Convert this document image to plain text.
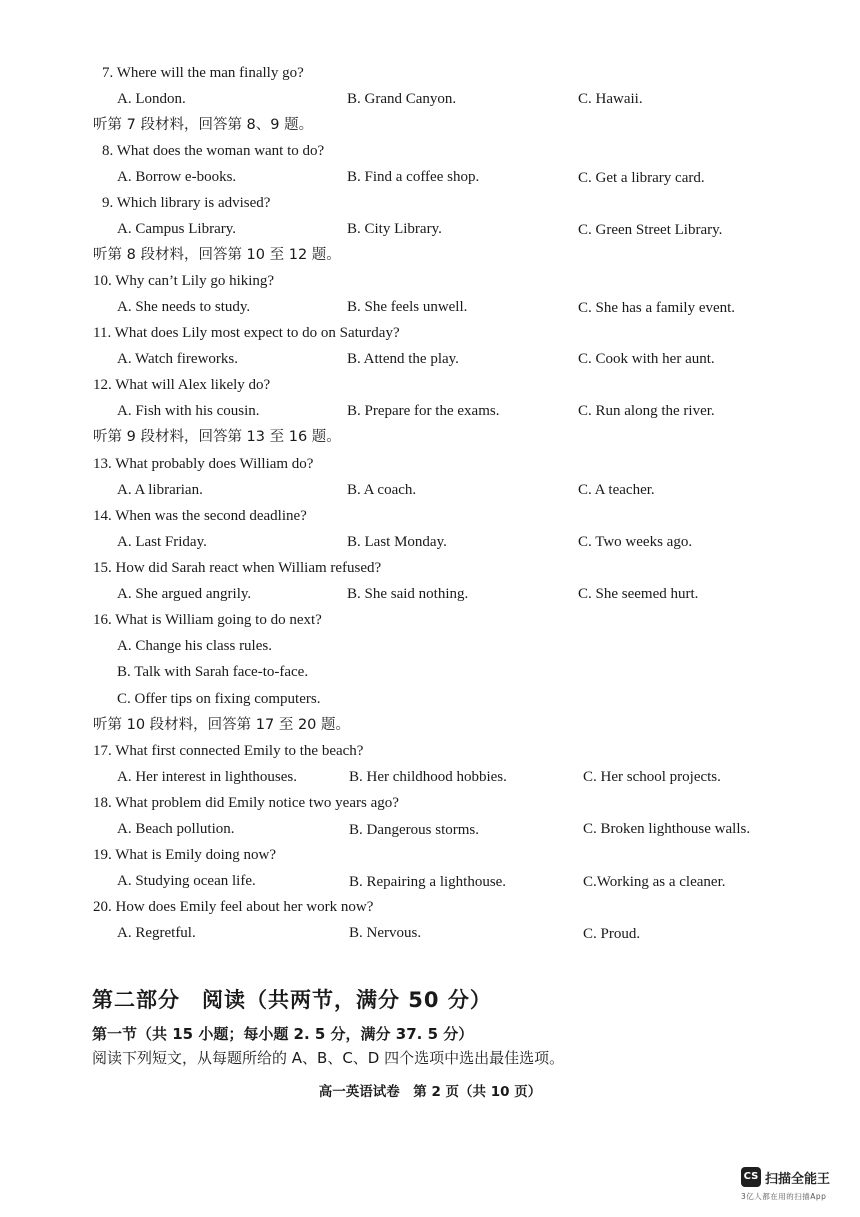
7. Where will the man finally go?
A. London.	B. Grand Canyon.	C. Hawaii.
听第 7 段材料，回答第 8、9 题。
8. What does the woman want to do?
A. Borrow e-books.	B. Find a coffee shop.	C. Get a library card.
9. Which library is advised?
A. Campus Library.	B. City Library.	C. Green Street Library.
听第 8 段材料，回答第 10 至 12 题。
10. Why can’t Lily go hiking?
A. She needs to study.	B. She feels unwell.	C. She has a family event.
11. What does Lily most expect to do on Saturday?
A. Watch fireworks.	B. Attend the play.	C. Cook with her aunt.
12. What will Alex likely do?
A. Fish with his cousin.	B. Prepare for the exams.	C. Run along the river.
听第 9 段材料，回答第 13 至 16 题。
13. What probably does William do?
A. A librarian.	B. A coach.	C. A teacher.
14. When was the second deadline?
A. Last Friday.	B. Last Monday.	C. Two weeks ago.
15. How did Sarah react when William refused?
A. She argued angrily.	B. She said nothing.	C. She seemed hurt.
16. What is William going to do next?
A. Change his class rules.
B. Talk with Sarah face-to-face.
C. Offer tips on fixing computers.
听第 10 段材料，回答第 17 至 20 题。
17. What first connected Emily to the beach?
A. Her interest in lighthouses.	B. Her childhood hobbies.	C. Her school projects.
18. What problem did Emily notice two years ago?
A. Beach pollution.	B. Dangerous storms.	C. Broken lighthouse walls.
19. What is Emily doing now?
A. Studying ocean life.	B. Repairing a lighthouse.	C.Working as a cleaner.
20. How does Emily feel about her work now?
A. Regretful.	B. Nervous.	C. Proud.
第二部分　阅读（共两节，满分 50 分）
第一节（共 15 小题；每小题 2. 5 分，满分 37. 5 分）
阅读下列短文，从每题所给的 A、B、C、D 四个选项中选出最佳选项。
高一英语试卷　第 2 页（共 10 页）
CS 扫描全能王
3亿人都在用的扫描App
